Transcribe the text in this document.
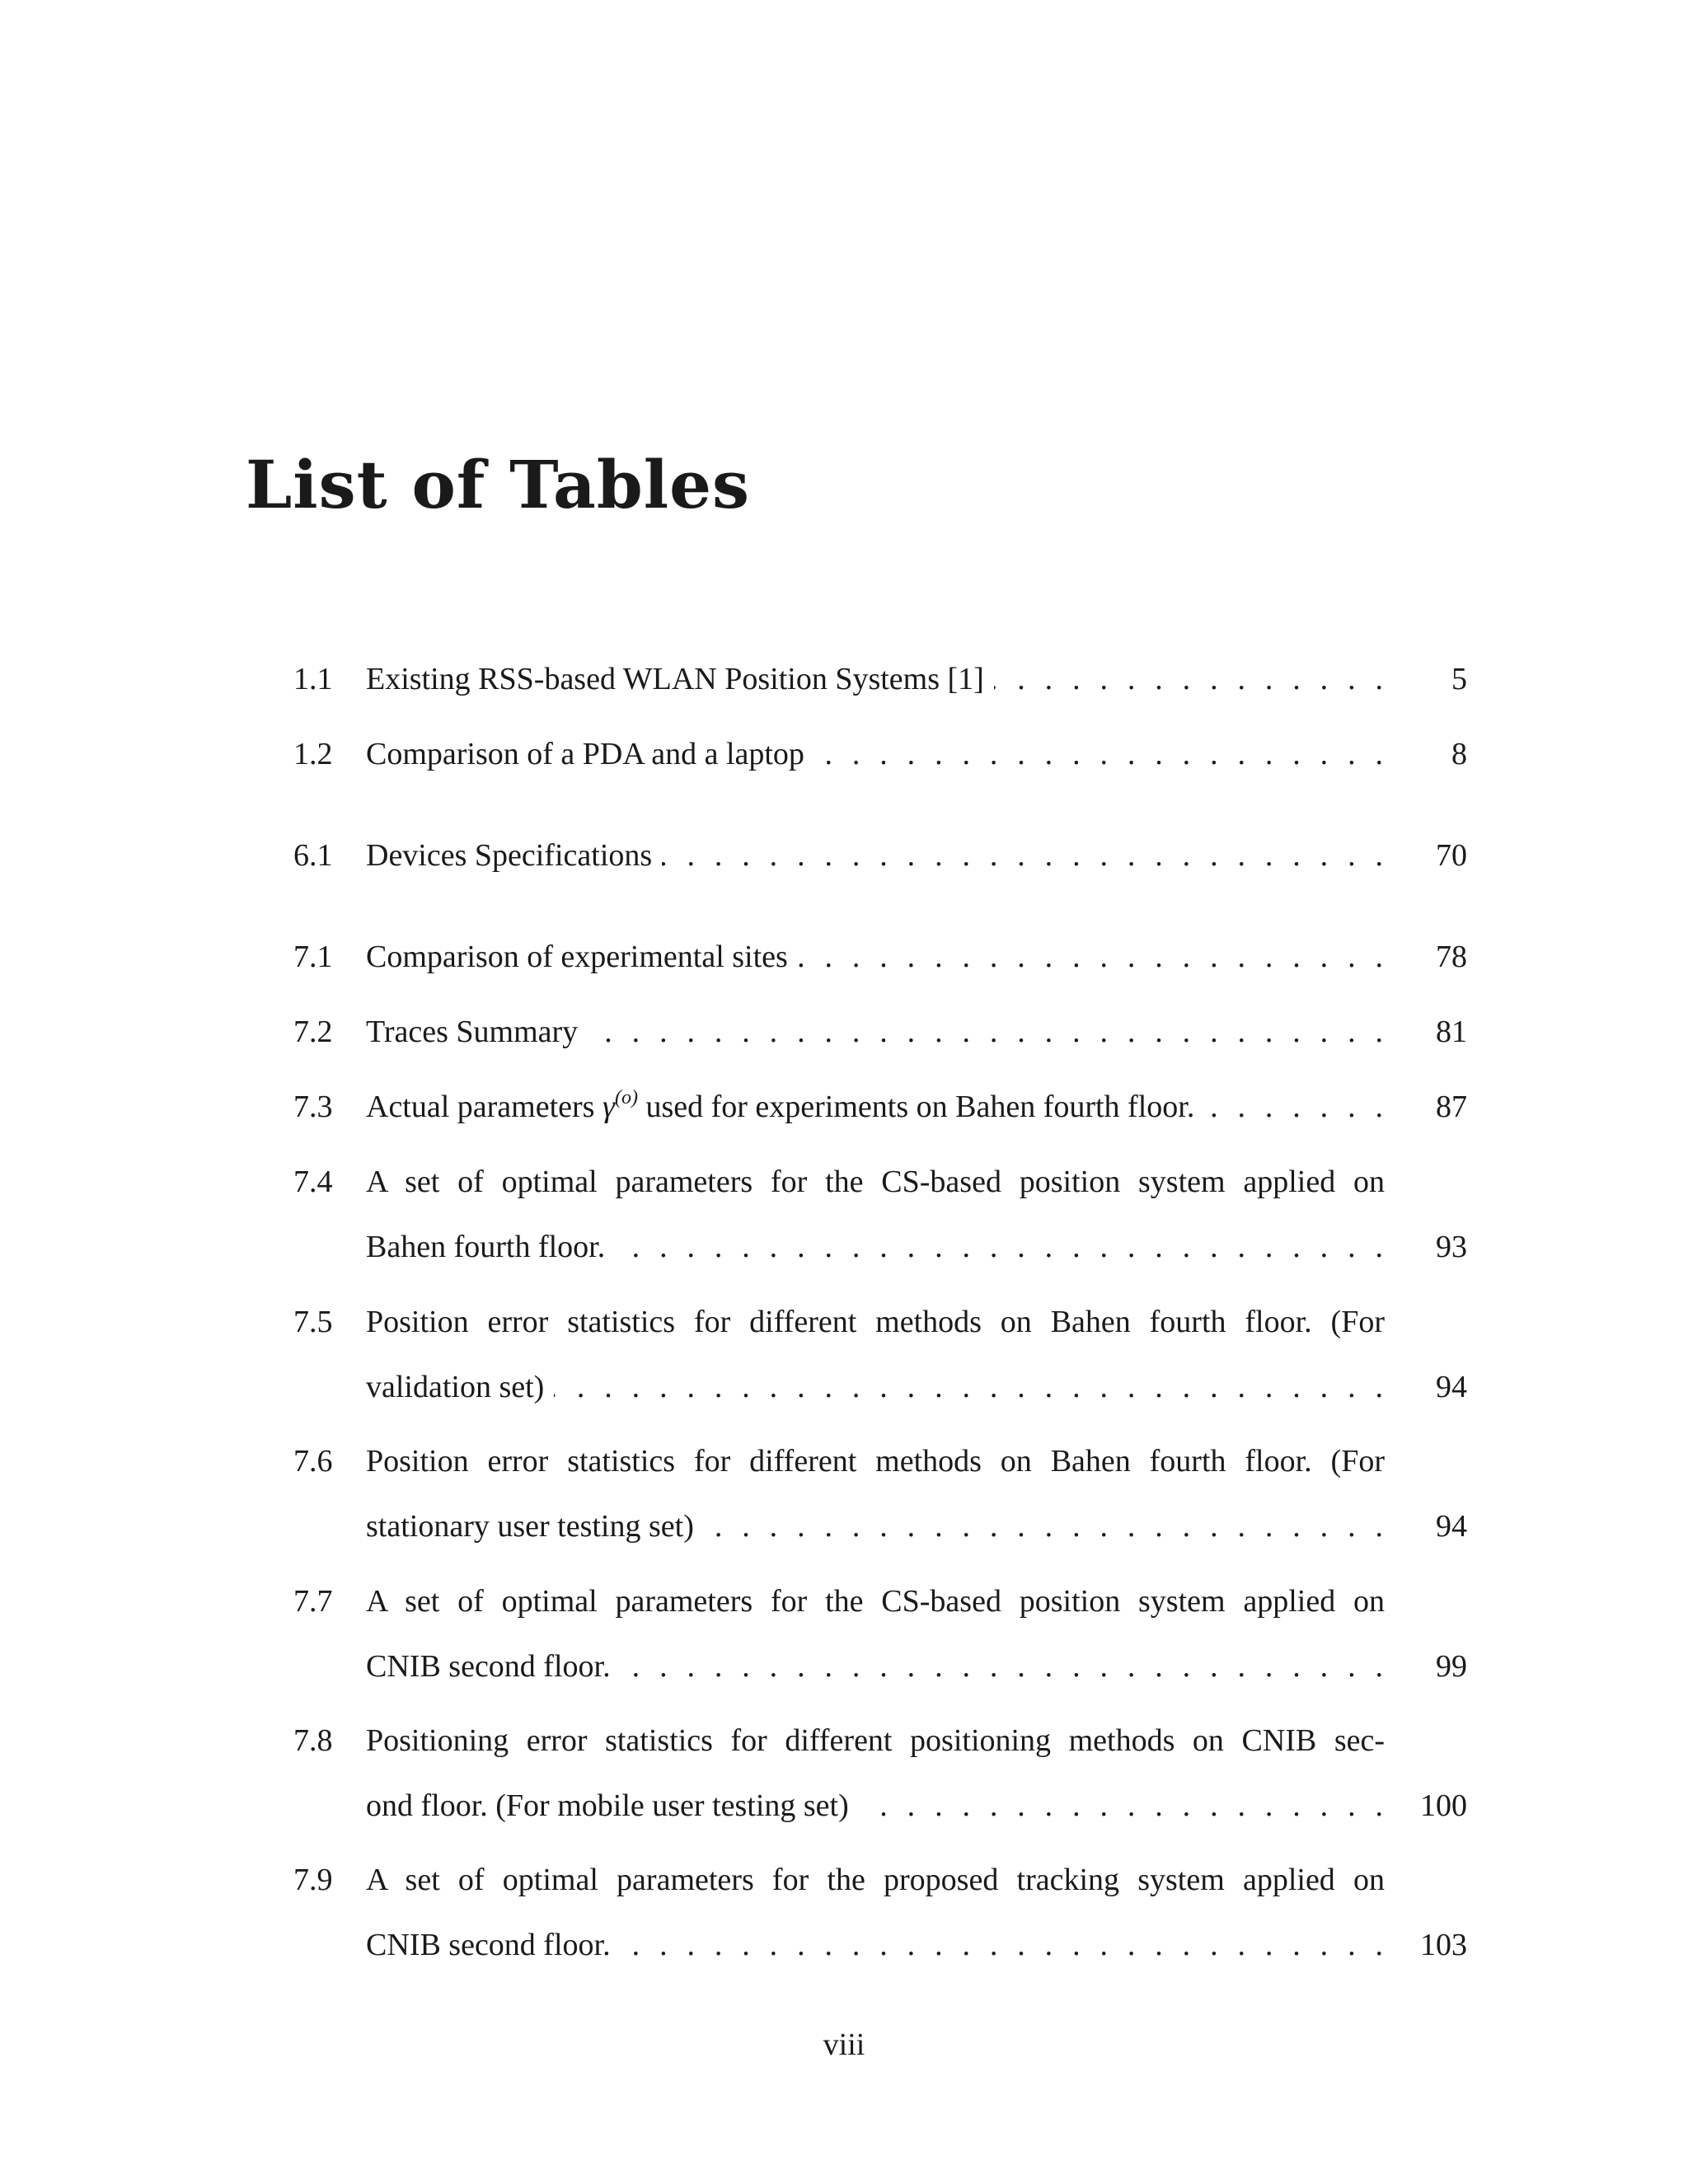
List of Tables
1.1 Existing RSS-based WLAN Position Systems [1] . . .	5
1.2 Comparison of a PDA and a laptop . . .	8
6.1 Devices Specifications . . .	70
7.1 Comparison of experimental sites . . .	78
7.2 Traces Summary . . .	81
7.3 Actual parameters $\gamma^{(o)}$ used for experiments on Bahen fourth floor. . . .	87
7.4 A set of optimal parameters for the CS-based position system applied on
Bahen fourth floor. . . .	93
7.5 Position error statistics for different methods on Bahen fourth floor. (For
validation set) . . .	94
7.6 Position error statistics for different methods on Bahen fourth floor. (For
stationary user testing set) . . .	94
7.7 A set of optimal parameters for the CS-based position system applied on
CNIB second floor. . . .	99
7.8 Positioning error statistics for different positioning methods on CNIB sec-
ond floor. (For mobile user testing set) . . .	100
7.9 A set of optimal parameters for the proposed tracking system applied on
CNIB second floor. . . .	103
viii
